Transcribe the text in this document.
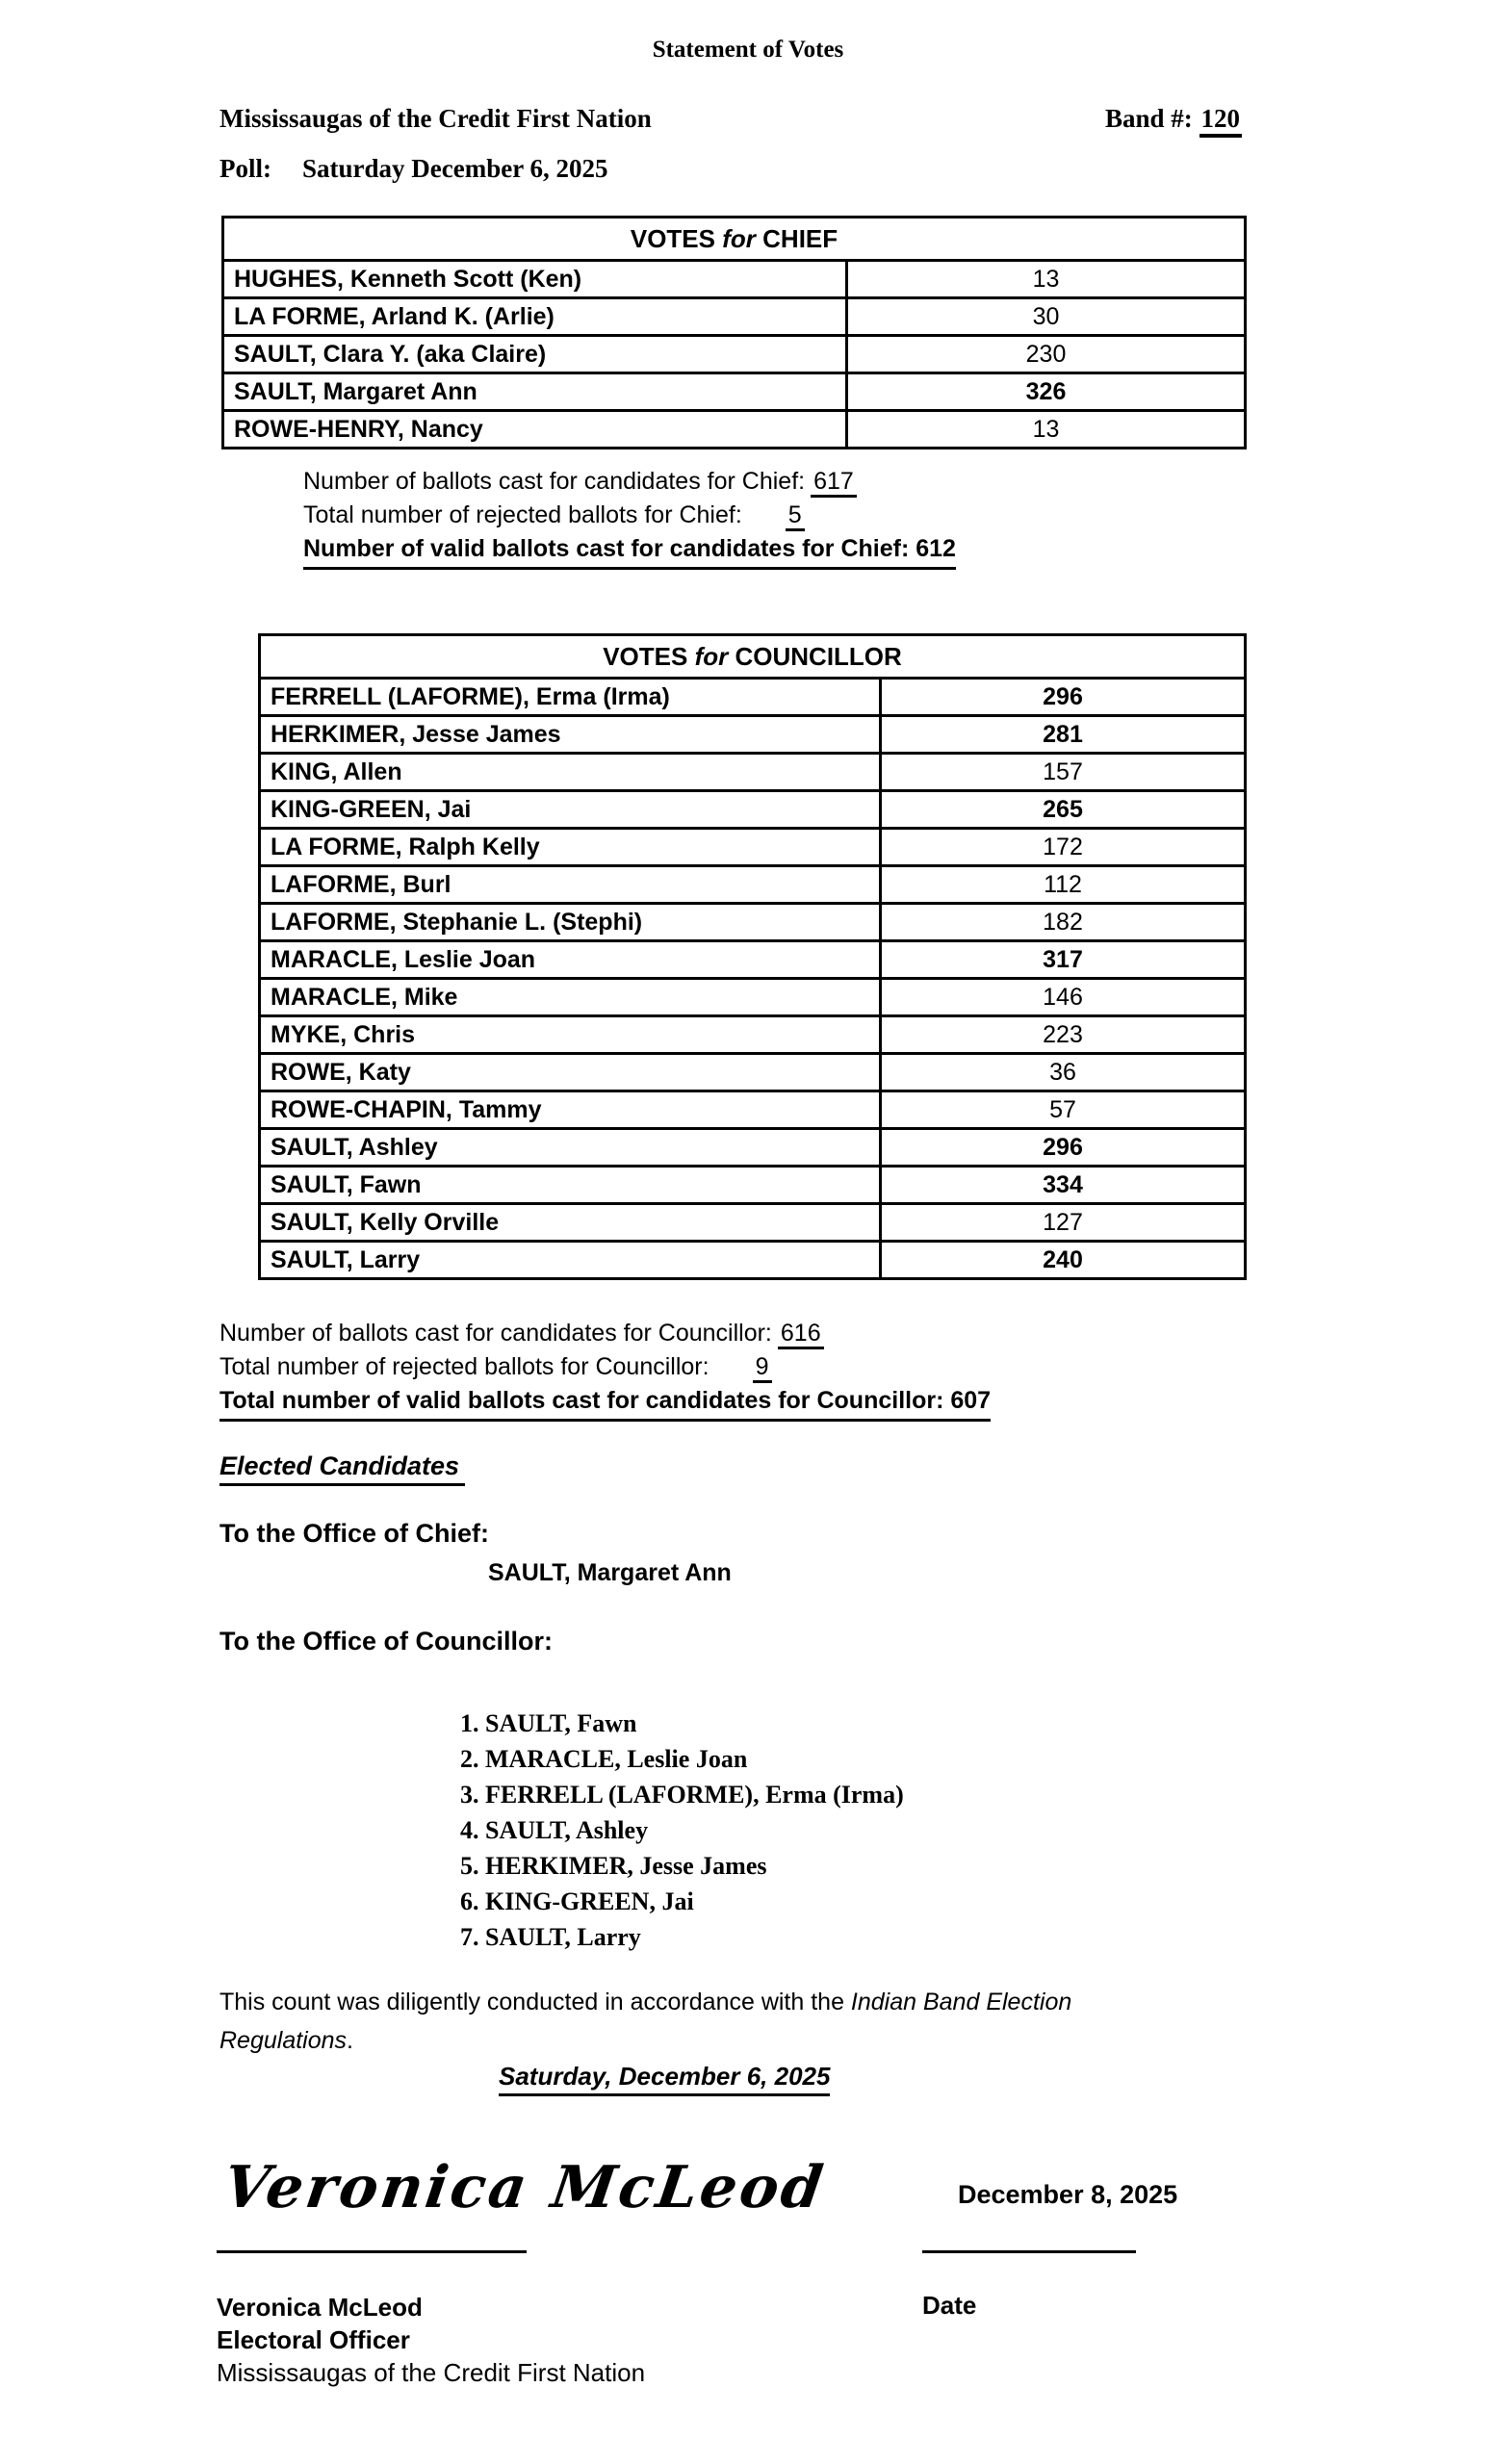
Statement of Votes
Mississaugas of the Credit First Nation	Band #: 120
Poll: Saturday December 6, 2025
VOTES for CHIEF	
HUGHES, Kenneth Scott (Ken)	13
LA FORME, Arland K. (Arlie)	30
SAULT, Clara Y. (aka Claire)	230
SAULT, Margaret Ann	326
ROWE-HENRY, Nancy	13
Number of ballots cast for candidates for Chief: 617
Total number of rejected ballots for Chief: 5
Number of valid ballots cast for candidates for Chief: 612
VOTES for COUNCILLOR	
FERRELL (LAFORME), Erma (Irma)	296
HERKIMER, Jesse James	281
KING, Allen	157
KING-GREEN, Jai	265
LA FORME, Ralph Kelly	172
LAFORME, Burl	112
LAFORME, Stephanie L. (Stephi)	182
MARACLE, Leslie Joan	317
MARACLE, Mike	146
MYKE, Chris	223
ROWE, Katy	36
ROWE-CHAPIN, Tammy	57
SAULT, Ashley	296
SAULT, Fawn	334
SAULT, Kelly Orville	127
SAULT, Larry	240
Number of ballots cast for candidates for Councillor: 616
Total number of rejected ballots for Councillor: 9
Total number of valid ballots cast for candidates for Councillor: 607
Elected Candidates
To the Office of Chief:
SAULT, Margaret Ann
To the Office of Councillor:
1. SAULT, Fawn
2. MARACLE, Leslie Joan
3. FERRELL (LAFORME), Erma (Irma)
4. SAULT, Ashley
5. HERKIMER, Jesse James
6. KING-GREEN, Jai
7. SAULT, Larry
This count was diligently conducted in accordance with the Indian Band Election
Regulations.
Saturday, December 6, 2025
Veronica McLeod	December 8, 2025
Veronica McLeod
Electoral Officer
Mississaugas of the Credit First Nation
Date
